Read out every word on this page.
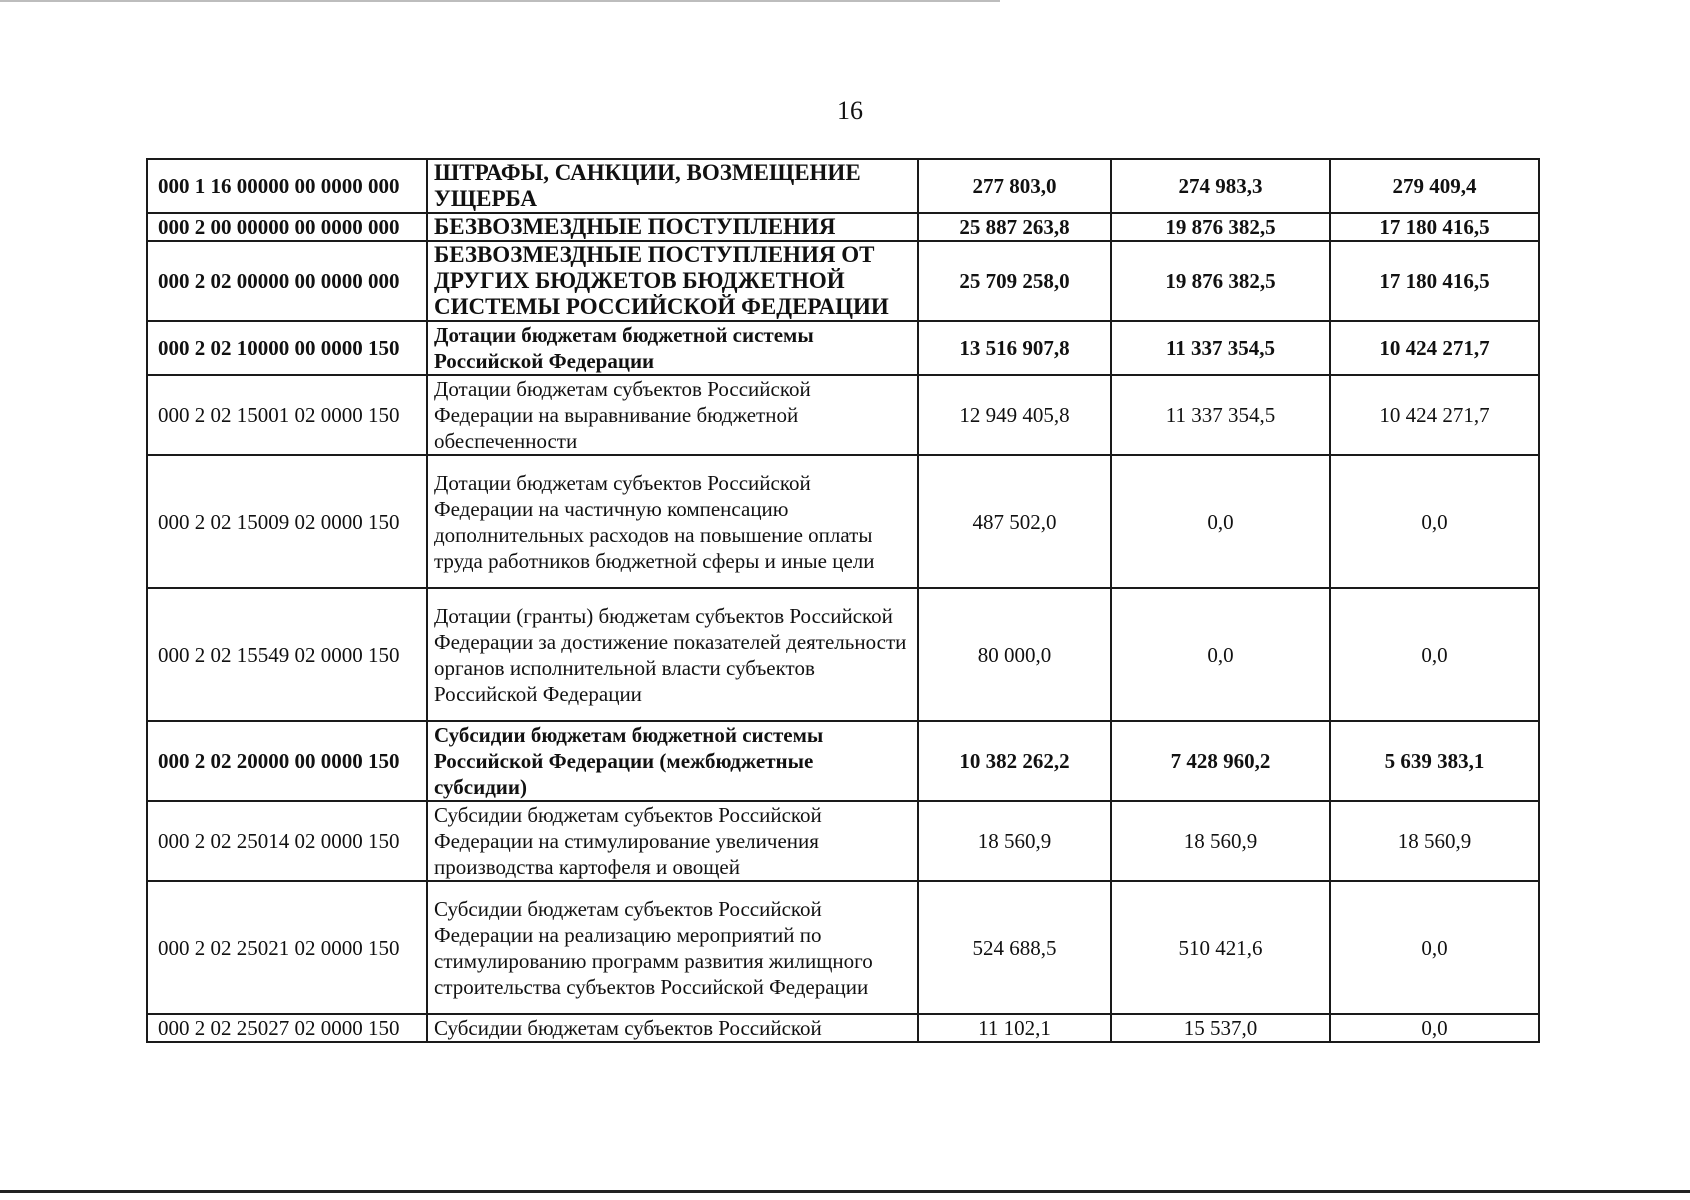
16
000 1 16 00000 00 0000 000	ШТРАФЫ, САНКЦИИ, ВОЗМЕЩЕНИЕ УЩЕРБА	277 803,0	274 983,3	279 409,4
000 2 00 00000 00 0000 000	БЕЗВОЗМЕЗДНЫЕ ПОСТУПЛЕНИЯ	25 887 263,8	19 876 382,5	17 180 416,5
000 2 02 00000 00 0000 000	БЕЗВОЗМЕЗДНЫЕ ПОСТУПЛЕНИЯ ОТ ДРУГИХ БЮДЖЕТОВ БЮДЖЕТНОЙ СИСТЕМЫ РОССИЙСКОЙ ФЕДЕРАЦИИ	25 709 258,0	19 876 382,5	17 180 416,5
000 2 02 10000 00 0000 150	Дотации бюджетам бюджетной системы Российской Федерации	13 516 907,8	11 337 354,5	10 424 271,7
000 2 02 15001 02 0000 150	Дотации бюджетам субъектов Российской Федерации на выравнивание бюджетной обеспеченности	12 949 405,8	11 337 354,5	10 424 271,7
000 2 02 15009 02 0000 150	Дотации бюджетам субъектов Российской Федерации на частичную компенсацию дополнительных расходов на повышение оплаты труда работников бюджетной сферы и иные цели	487 502,0	0,0	0,0
000 2 02 15549 02 0000 150	Дотации (гранты) бюджетам субъектов Российской Федерации за достижение показателей деятельности органов исполнительной власти субъектов Российской Федерации	80 000,0	0,0	0,0
000 2 02 20000 00 0000 150	Субсидии бюджетам бюджетной системы Российской Федерации (межбюджетные субсидии)	10 382 262,2	7 428 960,2	5 639 383,1
000 2 02 25014 02 0000 150	Субсидии бюджетам субъектов Российской Федерации на стимулирование увеличения производства картофеля и овощей	18 560,9	18 560,9	18 560,9
000 2 02 25021 02 0000 150	Субсидии бюджетам субъектов Российской Федерации на реализацию мероприятий по стимулированию программ развития жилищного строительства субъектов Российской Федерации	524 688,5	510 421,6	0,0
000 2 02 25027 02 0000 150	Субсидии бюджетам субъектов Российской	11 102,1	15 537,0	0,0
